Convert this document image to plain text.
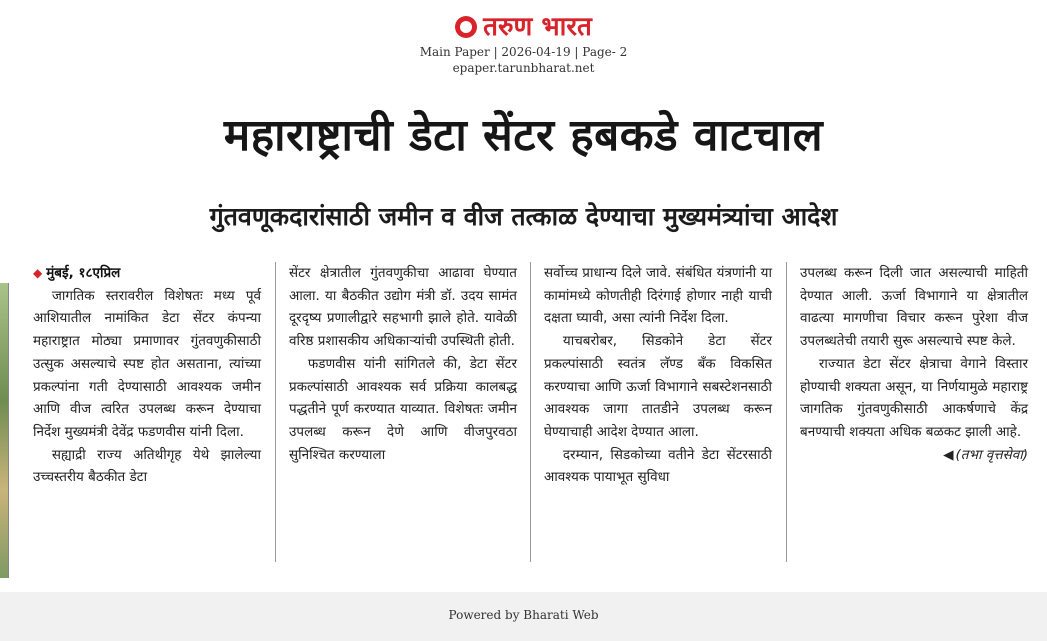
तरुण भारत
Main Paper | 2026-04-19 | Page- 2
epaper.tarunbharat.net
महाराष्ट्राची डेटा सेंटर हबकडे वाटचाल
गुंतवणूकदारांसाठी जमीन व वीज तत्काळ देण्याचा मुख्यमंत्र्यांचा आदेश
◆ मुंबई, १८एप्रिल

जागतिक स्तरावरील विशेषतः मध्य पूर्व आशियातील नामांकित डेटा सेंटर कंपन्या महाराष्ट्रात मोठ्या प्रमाणावर गुंतवणुकीसाठी उत्सुक असल्याचे स्पष्ट होत असताना, त्यांच्या प्रकल्पांना गती देण्यासाठी आवश्यक जमीन आणि वीज त्वरित उपलब्ध करून देण्याचा निर्देश मुख्यमंत्री देवेंद्र फडणवीस यांनी दिला.

सह्याद्री राज्य अतिथीगृह येथे झालेल्या उच्चस्तरीय बैठकीत डेटा

सेंटर क्षेत्रातील गुंतवणुकीचा आढावा घेण्यात आला. या बैठकीत उद्योग मंत्री डॉ. उदय सामंत दूरदृष्य प्रणालीद्वारे सहभागी झाले होते. यावेळी वरिष्ठ प्रशासकीय अधिकाऱ्यांची उपस्थिती होती.

फडणवीस यांनी सांगितले की, डेटा सेंटर प्रकल्पांसाठी आवश्यक सर्व प्रक्रिया कालबद्ध पद्धतीने पूर्ण करण्यात याव्यात. विशेषतः जमीन उपलब्ध करून देणे आणि वीजपुरवठा सुनिश्चित करण्याला

सर्वोच्च प्राधान्य दिले जावे. संबंधित यंत्रणांनी या कामांमध्ये कोणतीही दिरंगाई होणार नाही याची दक्षता घ्यावी, असा त्यांनी निर्देश दिला.

याचबरोबर, सिडकोने डेटा सेंटर प्रकल्पांसाठी स्वतंत्र लॅण्ड बँक विकसित करण्याचा आणि ऊर्जा विभागाने सबस्टेशनसाठी आवश्यक जागा तातडीने उपलब्ध करून घेण्याचाही आदेश देण्यात आला.

दरम्यान, सिडकोच्या वतीने डेटा सेंटरसाठी आवश्यक पायाभूत सुविधा

उपलब्ध करून दिली जात असल्याची माहिती देण्यात आली. ऊर्जा विभागाने या क्षेत्रातील वाढत्या मागणीचा विचार करून पुरेशा वीज उपलब्धतेची तयारी सुरू असल्याचे स्पष्ट केले.

राज्यात डेटा सेंटर क्षेत्राचा वेगाने विस्तार होण्याची शक्यता असून, या निर्णयामुळे महाराष्ट्र जागतिक गुंतवणुकीसाठी आकर्षणाचे केंद्र बनण्याची शक्यता अधिक बळकट झाली आहे.
◀ (तभा वृत्तसेवा)

Powered by Bharati Web
